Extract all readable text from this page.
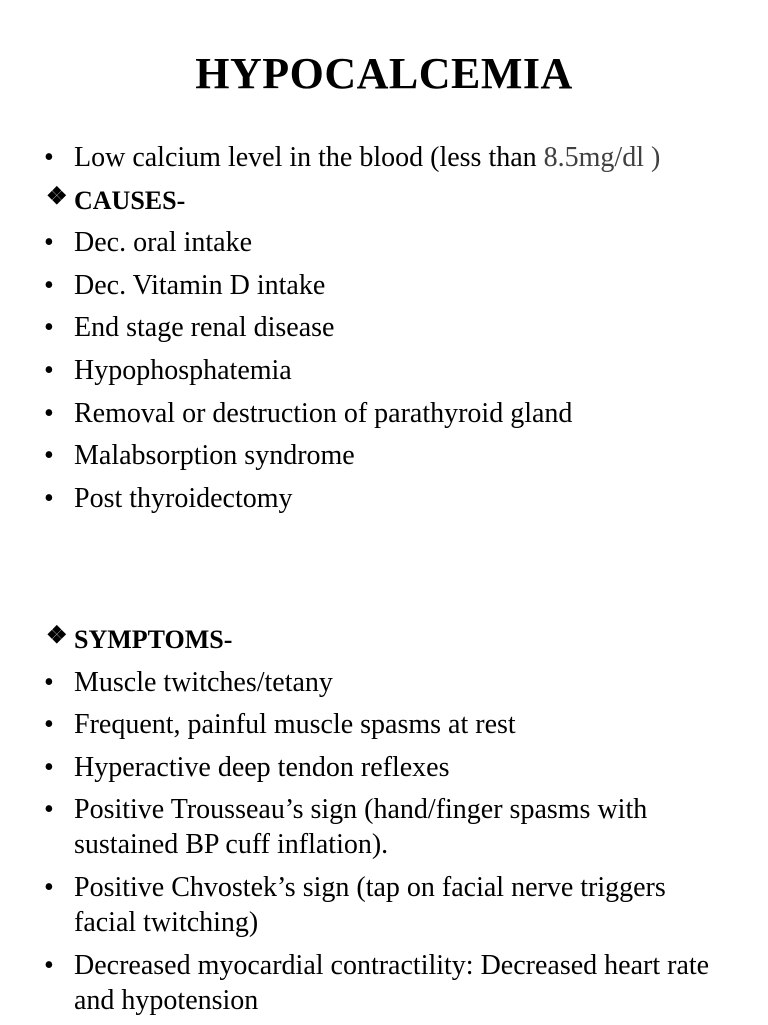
HYPOCALCEMIA
• Low calcium level in the blood (less than 8.5mg/dl )
❖ CAUSES-
• Dec. oral intake
• Dec. Vitamin D intake
• End stage renal disease
• Hypophosphatemia
• Removal or destruction of parathyroid gland
• Malabsorption syndrome
• Post thyroidectomy
❖ SYMPTOMS-
• Muscle twitches/tetany
• Frequent, painful muscle spasms at rest
• Hyperactive deep tendon reflexes
• Positive Trousseau’s sign (hand/finger spasms with sustained BP cuff inflation).
• Positive Chvostek’s sign (tap on facial nerve triggers facial twitching)
• Decreased myocardial contractility: Decreased heart rate and hypotension
